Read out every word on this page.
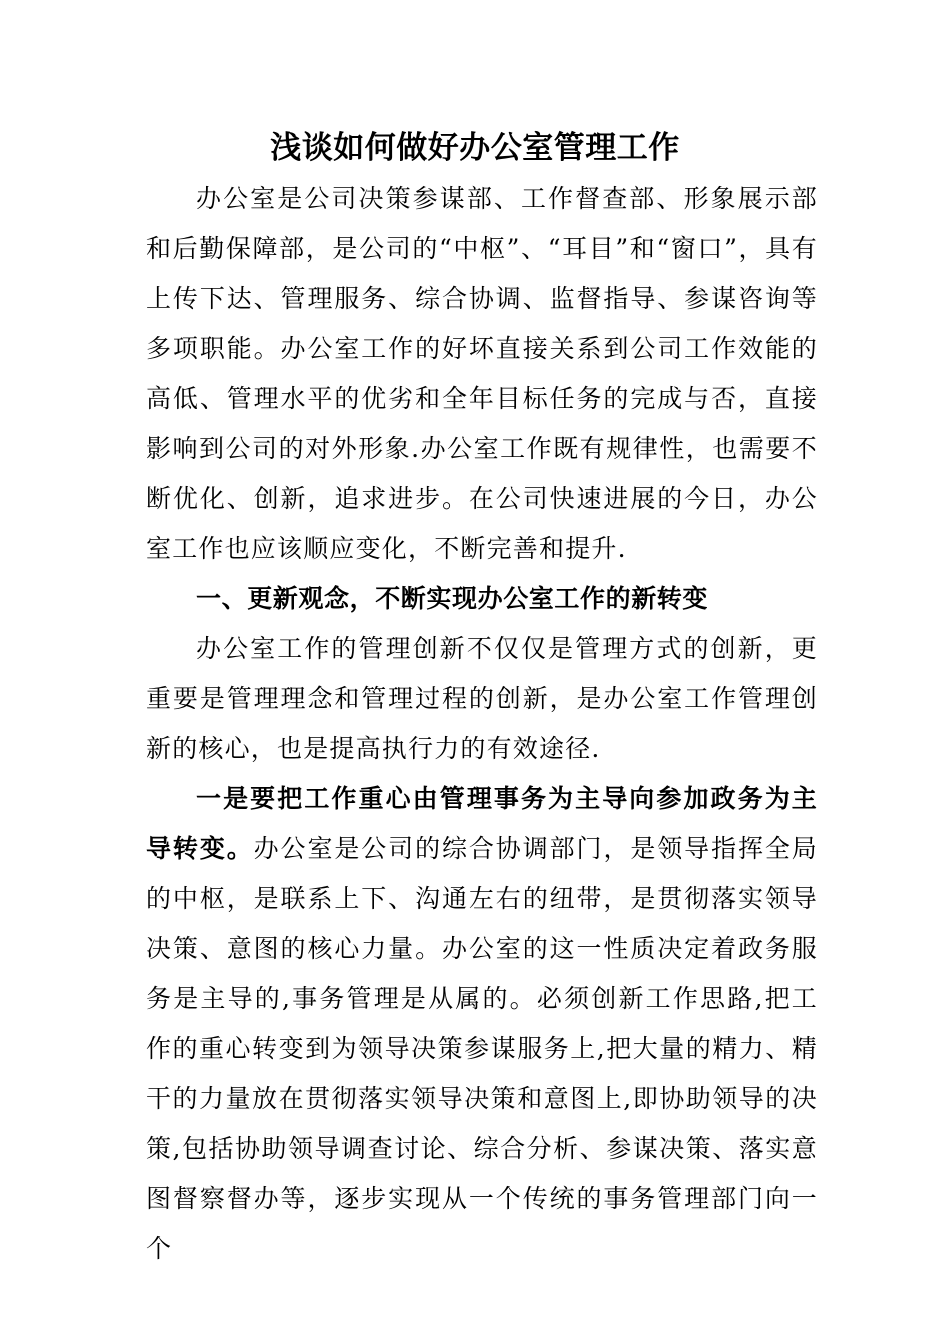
浅谈如何做好办公室管理工作

办公室是公司决策参谋部、工作督查部、形象展示部和后勤保障部，是公司的“中枢”、“耳目”和“窗口”，具有上传下达、管理服务、综合协调、监督指导、参谋咨询等多项职能。办公室工作的好坏直接关系到公司工作效能的高低、管理水平的优劣和全年目标任务的完成与否，直接影响到公司的对外形象.办公室工作既有规律性，也需要不断优化、创新，追求进步。在公司快速进展的今日，办公室工作也应该顺应变化，不断完善和提升.

一、更新观念，不断实现办公室工作的新转变

办公室工作的管理创新不仅仅是管理方式的创新，更重要是管理理念和管理过程的创新，是办公室工作管理创新的核心，也是提高执行力的有效途径.

一是要把工作重心由管理事务为主导向参加政务为主导转变。办公室是公司的综合协调部门，是领导指挥全局的中枢，是联系上下、沟通左右的纽带，是贯彻落实领导决策、意图的核心力量。办公室的这一性质决定着政务服务是主导的,事务管理是从属的。必须创新工作思路,把工作的重心转变到为领导决策参谋服务上,把大量的精力、精干的力量放在贯彻落实领导决策和意图上,即协助领导的决策,包括协助领导调查讨论、综合分析、参谋决策、落实意图督察督办等，逐步实现从一个传统的事务管理部门向一个
